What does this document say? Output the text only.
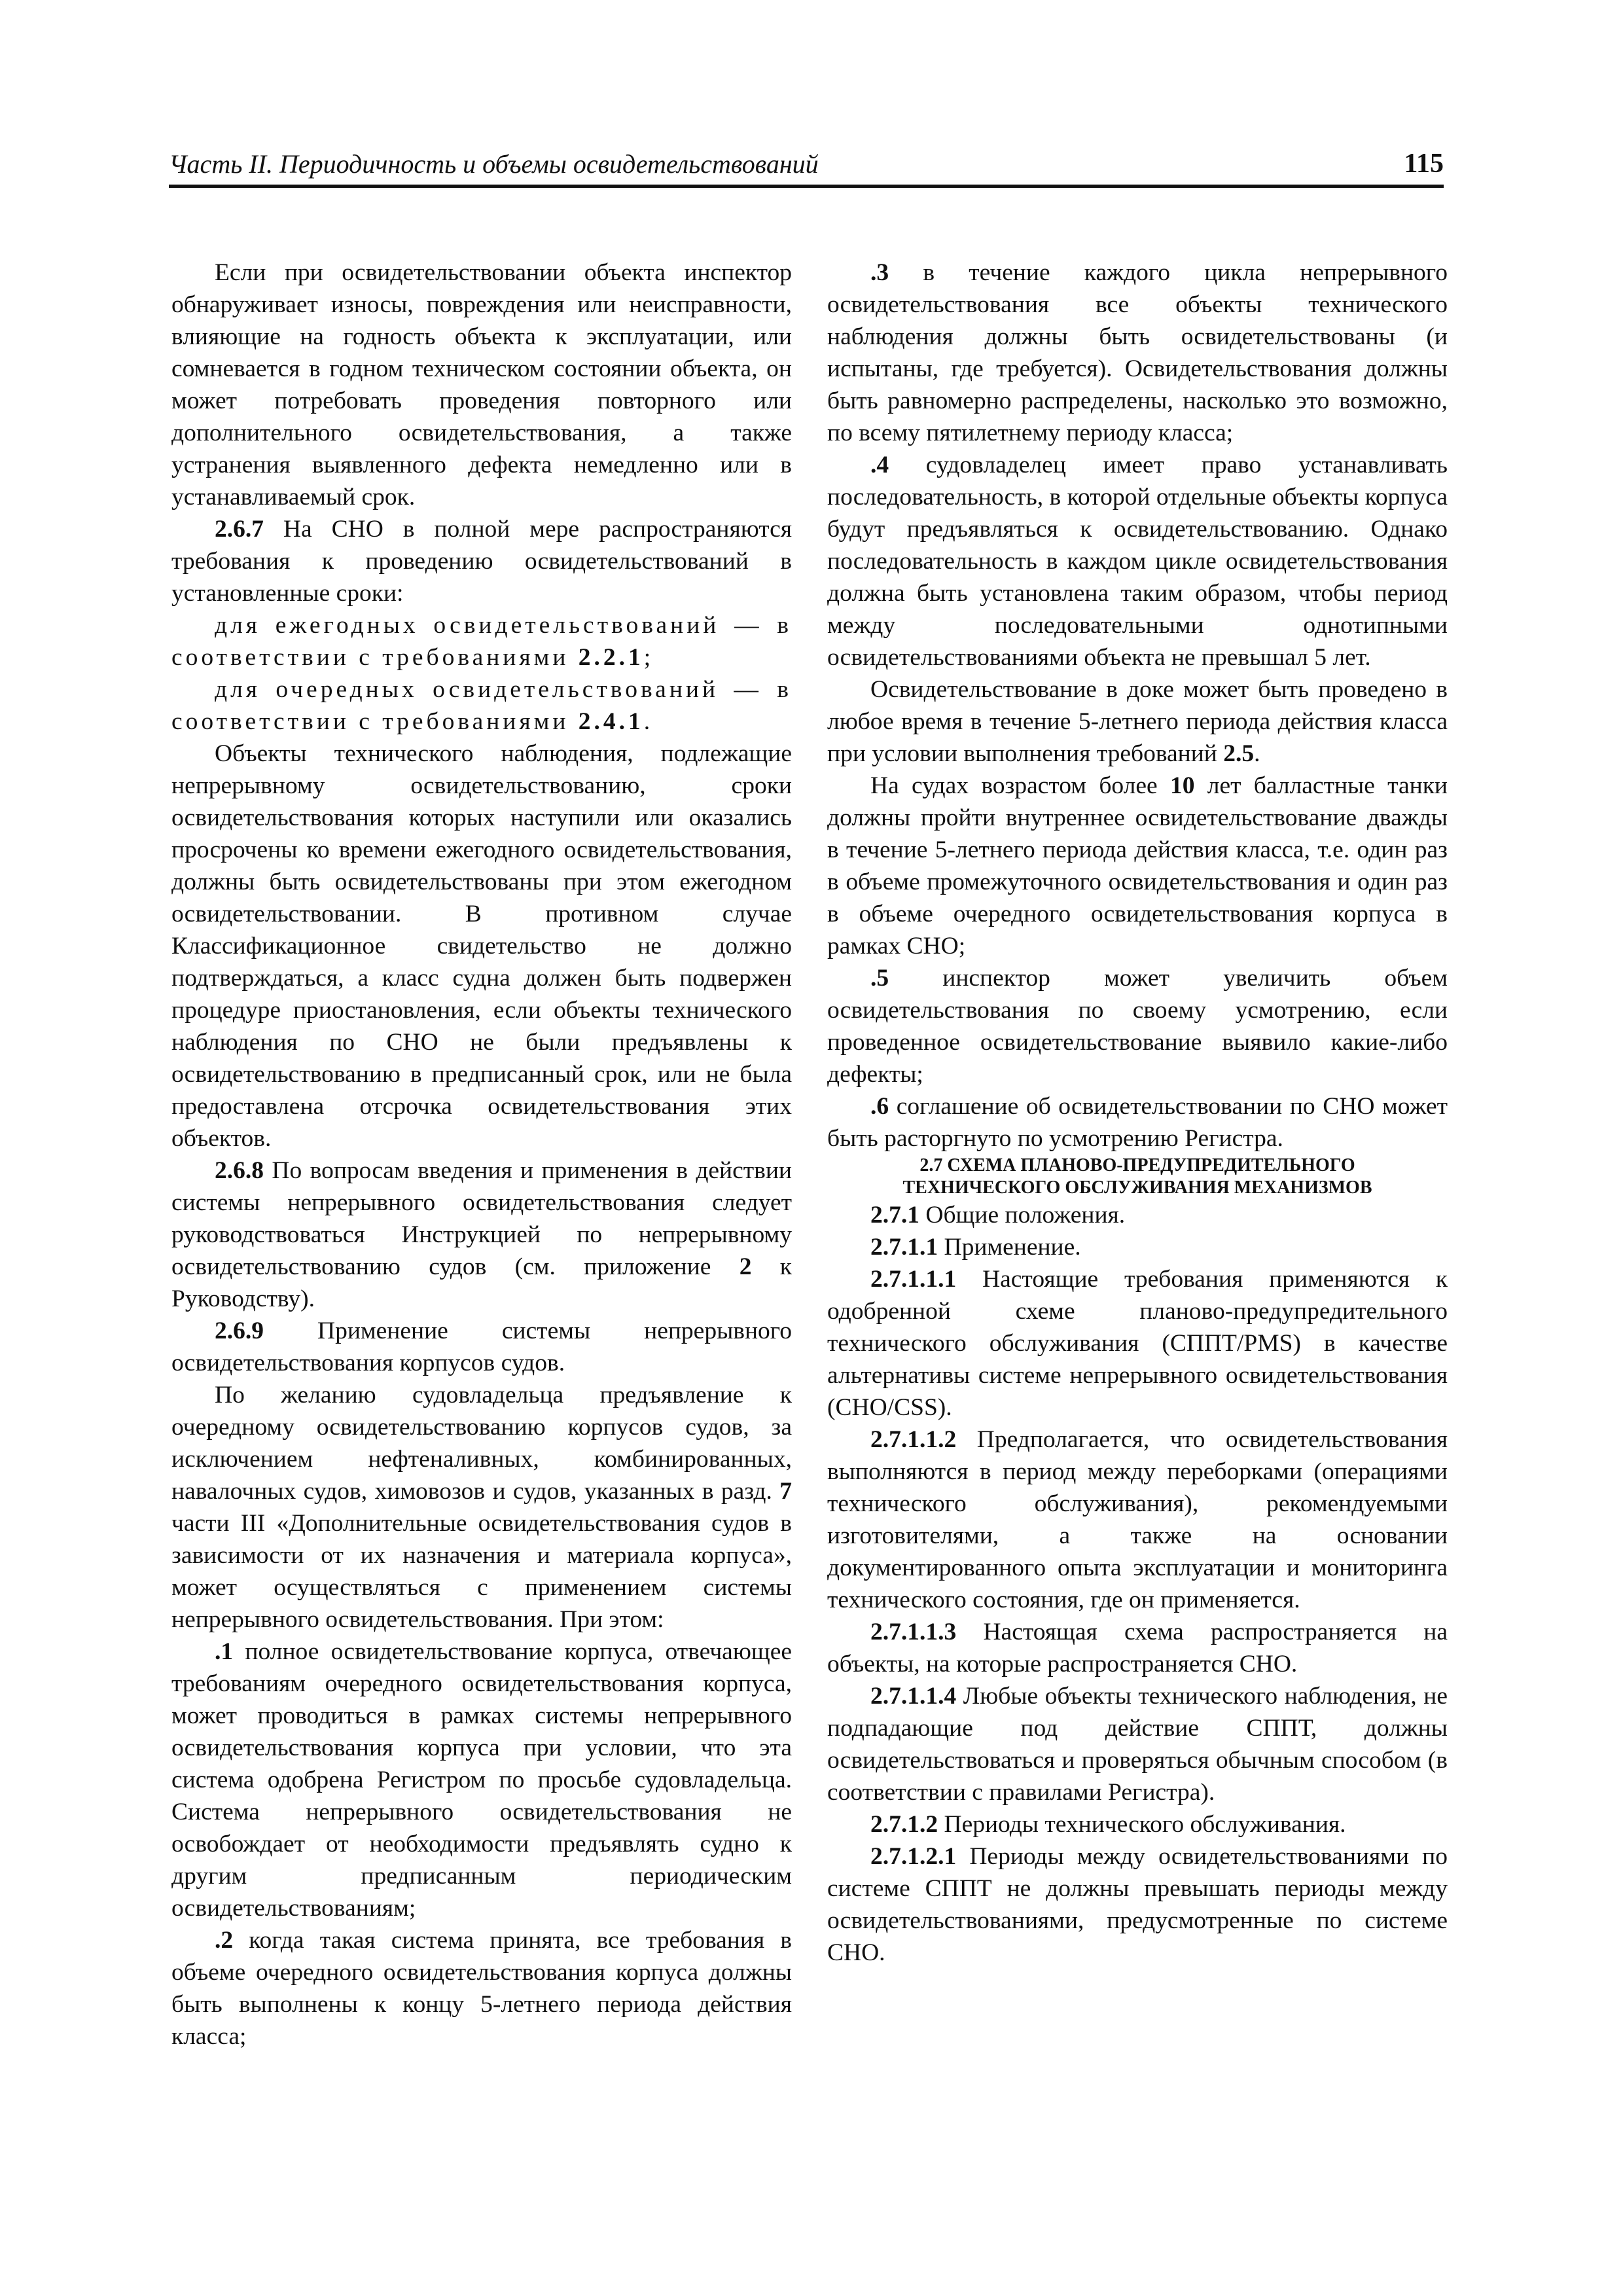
Часть II. Периодичность и объемы освидетельствований	115

Если при освидетельствовании объекта инспектор обнаруживает износы, повреждения или неисправности, влияющие на годность объекта к эксплуатации, или сомневается в годном техническом состоянии объекта, он может потребовать проведения повторного или дополнительного освидетельствования, а также устранения выявленного дефекта немедленно или в устанавливаемый срок.

2.6.7 На СНО в полной мере распространяются требования к проведению освидетельствований в установленные сроки:

для ежегодных освидетельствований — в соответствии с требованиями 2.2.1;

для очередных освидетельствований — в соответствии с требованиями 2.4.1.

Объекты технического наблюдения, подлежащие непрерывному освидетельствованию, сроки освидетельствования которых наступили или оказались просрочены ко времени ежегодного освидетельствования, должны быть освидетельствованы при этом ежегодном освидетельствовании. В противном случае Классификационное свидетельство не должно подтверждаться, а класс судна должен быть подвержен процедуре приостановления, если объекты технического наблюдения по СНО не были предъявлены к освидетельствованию в предписанный срок, или не была предоставлена отсрочка освидетельствования этих объектов.

2.6.8 По вопросам введения и применения в действии системы непрерывного освидетельствования следует руководствоваться Инструкцией по непрерывному освидетельствованию судов (см. приложение 2 к Руководству).

2.6.9 Применение системы непрерывного освидетельствования корпусов судов.

По желанию судовладельца предъявление к очередному освидетельствованию корпусов судов, за исключением нефтеналивных, комбинированных, навалочных судов, химовозов и судов, указанных в разд. 7 части III «Дополнительные освидетельствования судов в зависимости от их назначения и материала корпуса», может осуществляться с применением системы непрерывного освидетельствования. При этом:

.1 полное освидетельствование корпуса, отвечающее требованиям очередного освидетельствования корпуса, может проводиться в рамках системы непрерывного освидетельствования корпуса при условии, что эта система одобрена Регистром по просьбе судовладельца. Система непрерывного освидетельствования не освобождает от необходимости предъявлять судно к другим предписанным периодическим освидетельствованиям;

.2 когда такая система принята, все требования в объеме очередного освидетельствования корпуса должны быть выполнены к концу 5-летнего периода действия класса;

.3 в течение каждого цикла непрерывного освидетельствования все объекты технического наблюдения должны быть освидетельствованы (и испытаны, где требуется). Освидетельствования должны быть равномерно распределены, насколько это возможно, по всему пятилетнему периоду класса;

.4 судовладелец имеет право устанавливать последовательность, в которой отдельные объекты корпуса будут предъявляться к освидетельствованию. Однако последовательность в каждом цикле освидетельствования должна быть установлена таким образом, чтобы период между последовательными однотипными освидетельствованиями объекта не превышал 5 лет.

Освидетельствование в доке может быть проведено в любое время в течение 5-летнего периода действия класса при условии выполнения требований 2.5.

На судах возрастом более 10 лет балластные танки должны пройти внутреннее освидетельствование дважды в течение 5-летнего периода действия класса, т.е. один раз в объеме промежуточного освидетельствования и один раз в объеме очередного освидетельствования корпуса в рамках СНО;

.5 инспектор может увеличить объем освидетельствования по своему усмотрению, если проведенное освидетельствование выявило какие-либо дефекты;

.6 соглашение об освидетельствовании по СНО может быть расторгнуто по усмотрению Регистра.

2.7 СХЕМА ПЛАНОВО-ПРЕДУПРЕДИТЕЛЬНОГО
ТЕХНИЧЕСКОГО ОБСЛУЖИВАНИЯ МЕХАНИЗМОВ

2.7.1 Общие положения.

2.7.1.1 Применение.

2.7.1.1.1 Настоящие требования применяются к одобренной схеме планово-предупредительного технического обслуживания (СППТ/PMS) в качестве альтернативы системе непрерывного освидетельствования (СНО/CSS).

2.7.1.1.2 Предполагается, что освидетельствования выполняются в период между переборками (операциями технического обслуживания), рекомендуемыми изготовителями, а также на основании документированного опыта эксплуатации и мониторинга технического состояния, где он применяется.

2.7.1.1.3 Настоящая схема распространяется на объекты, на которые распространяется СНО.

2.7.1.1.4 Любые объекты технического наблюдения, не подпадающие под действие СППТ, должны освидетельствоваться и проверяться обычным способом (в соответствии с правилами Регистра).

2.7.1.2 Периоды технического обслуживания.

2.7.1.2.1 Периоды между освидетельствованиями по системе СППТ не должны превышать периоды между освидетельствованиями, предусмотренные по системе СНО.
